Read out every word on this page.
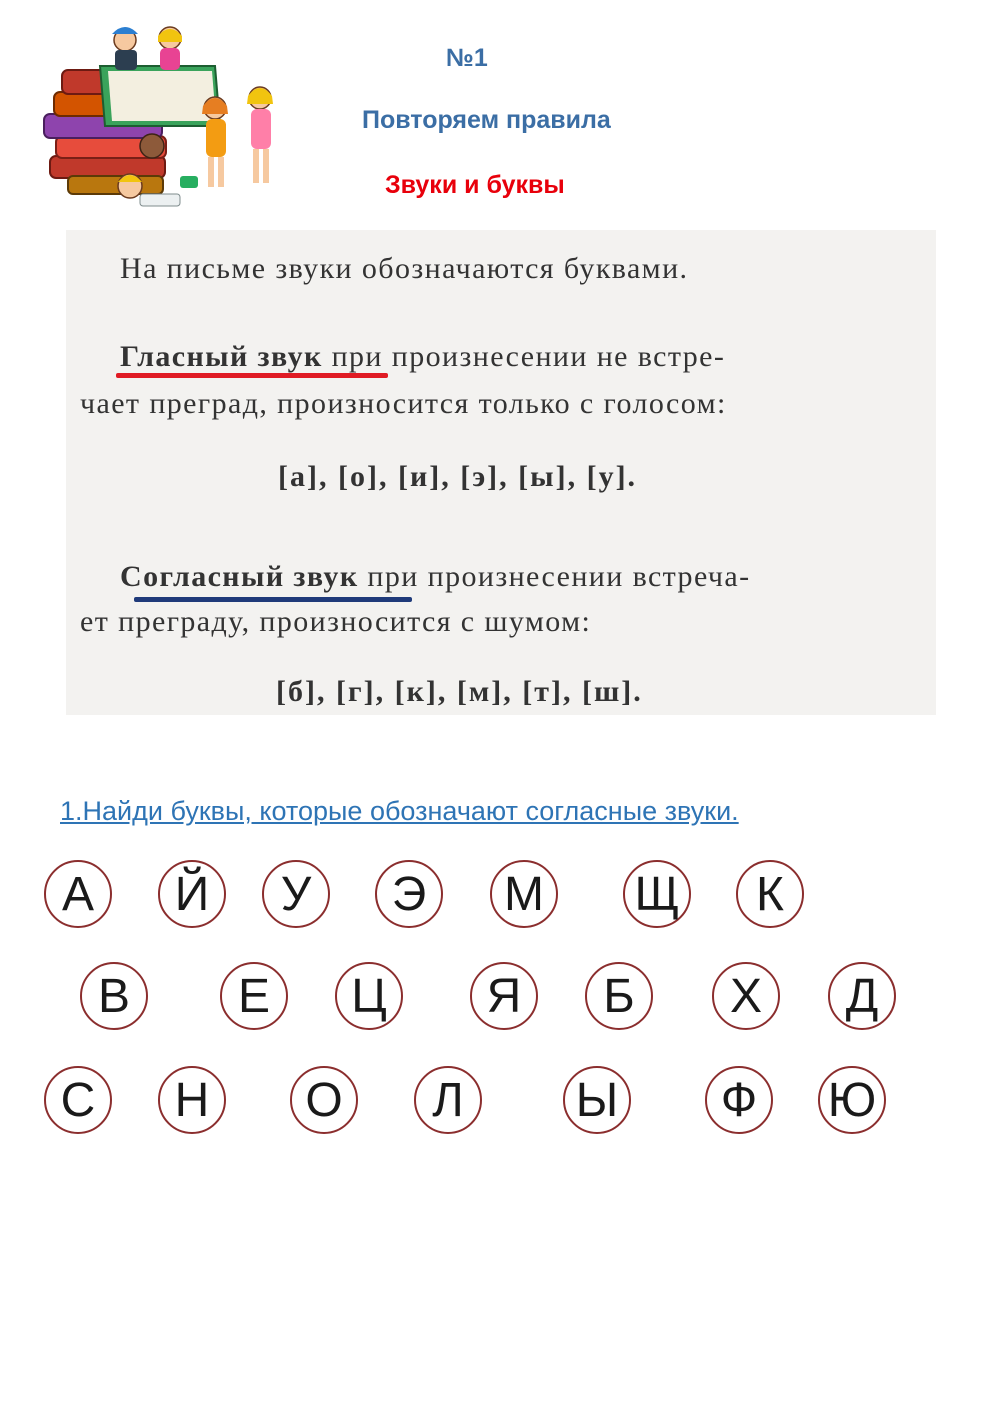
№1
Повторяем правила
Звуки и буквы
На письме звуки обозначаются буквами.
Гласный звук при произнесении не встре-
чает преград, произносится только с голосом:
[а], [о], [и], [э], [ы], [у].
Согласный звук при произнесении встреча-
ет преграду, произносится с шумом:
[б], [г], [к], [м], [т], [ш].
1.Найди буквы, которые обозначают согласные звуки.
А	Й	У	Э	М Щ	К
В	Е	Ц	Я	Б	Х	Д
С	Н	О	Л	Ы	Ф	Ю
